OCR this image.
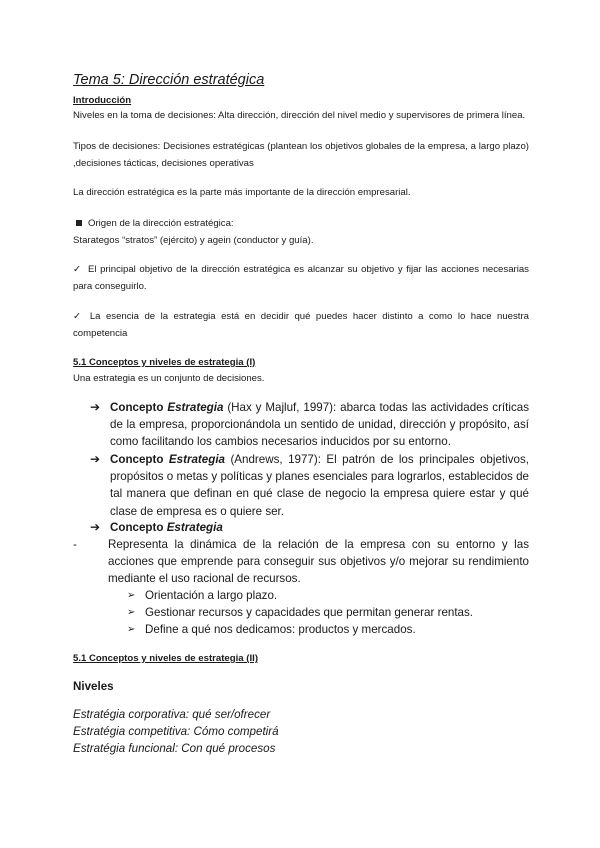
Tema 5: Dirección estratégica
Introducción

Niveles en la toma de decisiones: Alta dirección, dirección del nivel medio y supervisores de primera línea.

Tipos de decisiones: Decisiones estratégicas (plantean los objetivos globales de la empresa, a largo plazo) ,decisiones tácticas, decisiones operativas

La dirección estratégica es la parte más importante de la dirección empresarial.

Origen de la dirección estratégica:

Starategos “stratos” (ejército) y agein (conductor y guía).

✓ El principal objetivo de la dirección estratégica es alcanzar su objetivo y fijar las acciones necesarias para conseguirlo.
✓ La esencia de la estrategia está en decidir qué puedes hacer distinto a como lo hace nuestra competencia
5.1 Conceptos y niveles de estrategia (I)

Una estrategia es un conjunto de decisiones.

➔ Concepto Estrategia (Hax y Majluf, 1997): abarca todas las actividades críticas de la empresa, proporcionándola un sentido de unidad, dirección y propósito, así como facilitando los cambios necesarios inducidos por su entorno.
➔ Concepto Estrategia (Andrews, 1977): El patrón de los principales objetivos, propósitos o metas y políticas y planes esenciales para lograrlos, establecidos de tal manera que definan en qué clase de negocio la empresa quiere estar y qué clase de empresa es o quiere ser.
➔ Concepto Estrategia
-	Representa la dinámica de la relación de la empresa con su entorno y las acciones que emprende para conseguir sus objetivos y/o mejorar su rendimiento mediante el uso racional de recursos.
➢ Orientación a largo plazo.
➢ Gestionar recursos y capacidades que permitan generar rentas.
➢ Define a qué nos dedicamos: productos y mercados.
5.1 Conceptos y niveles de estrategia (II)
Niveles
Estratégia corporativa: qué ser/ofrecer
Estratégia competitiva: Cómo competirá
Estratégia funcional: Con qué procesos
